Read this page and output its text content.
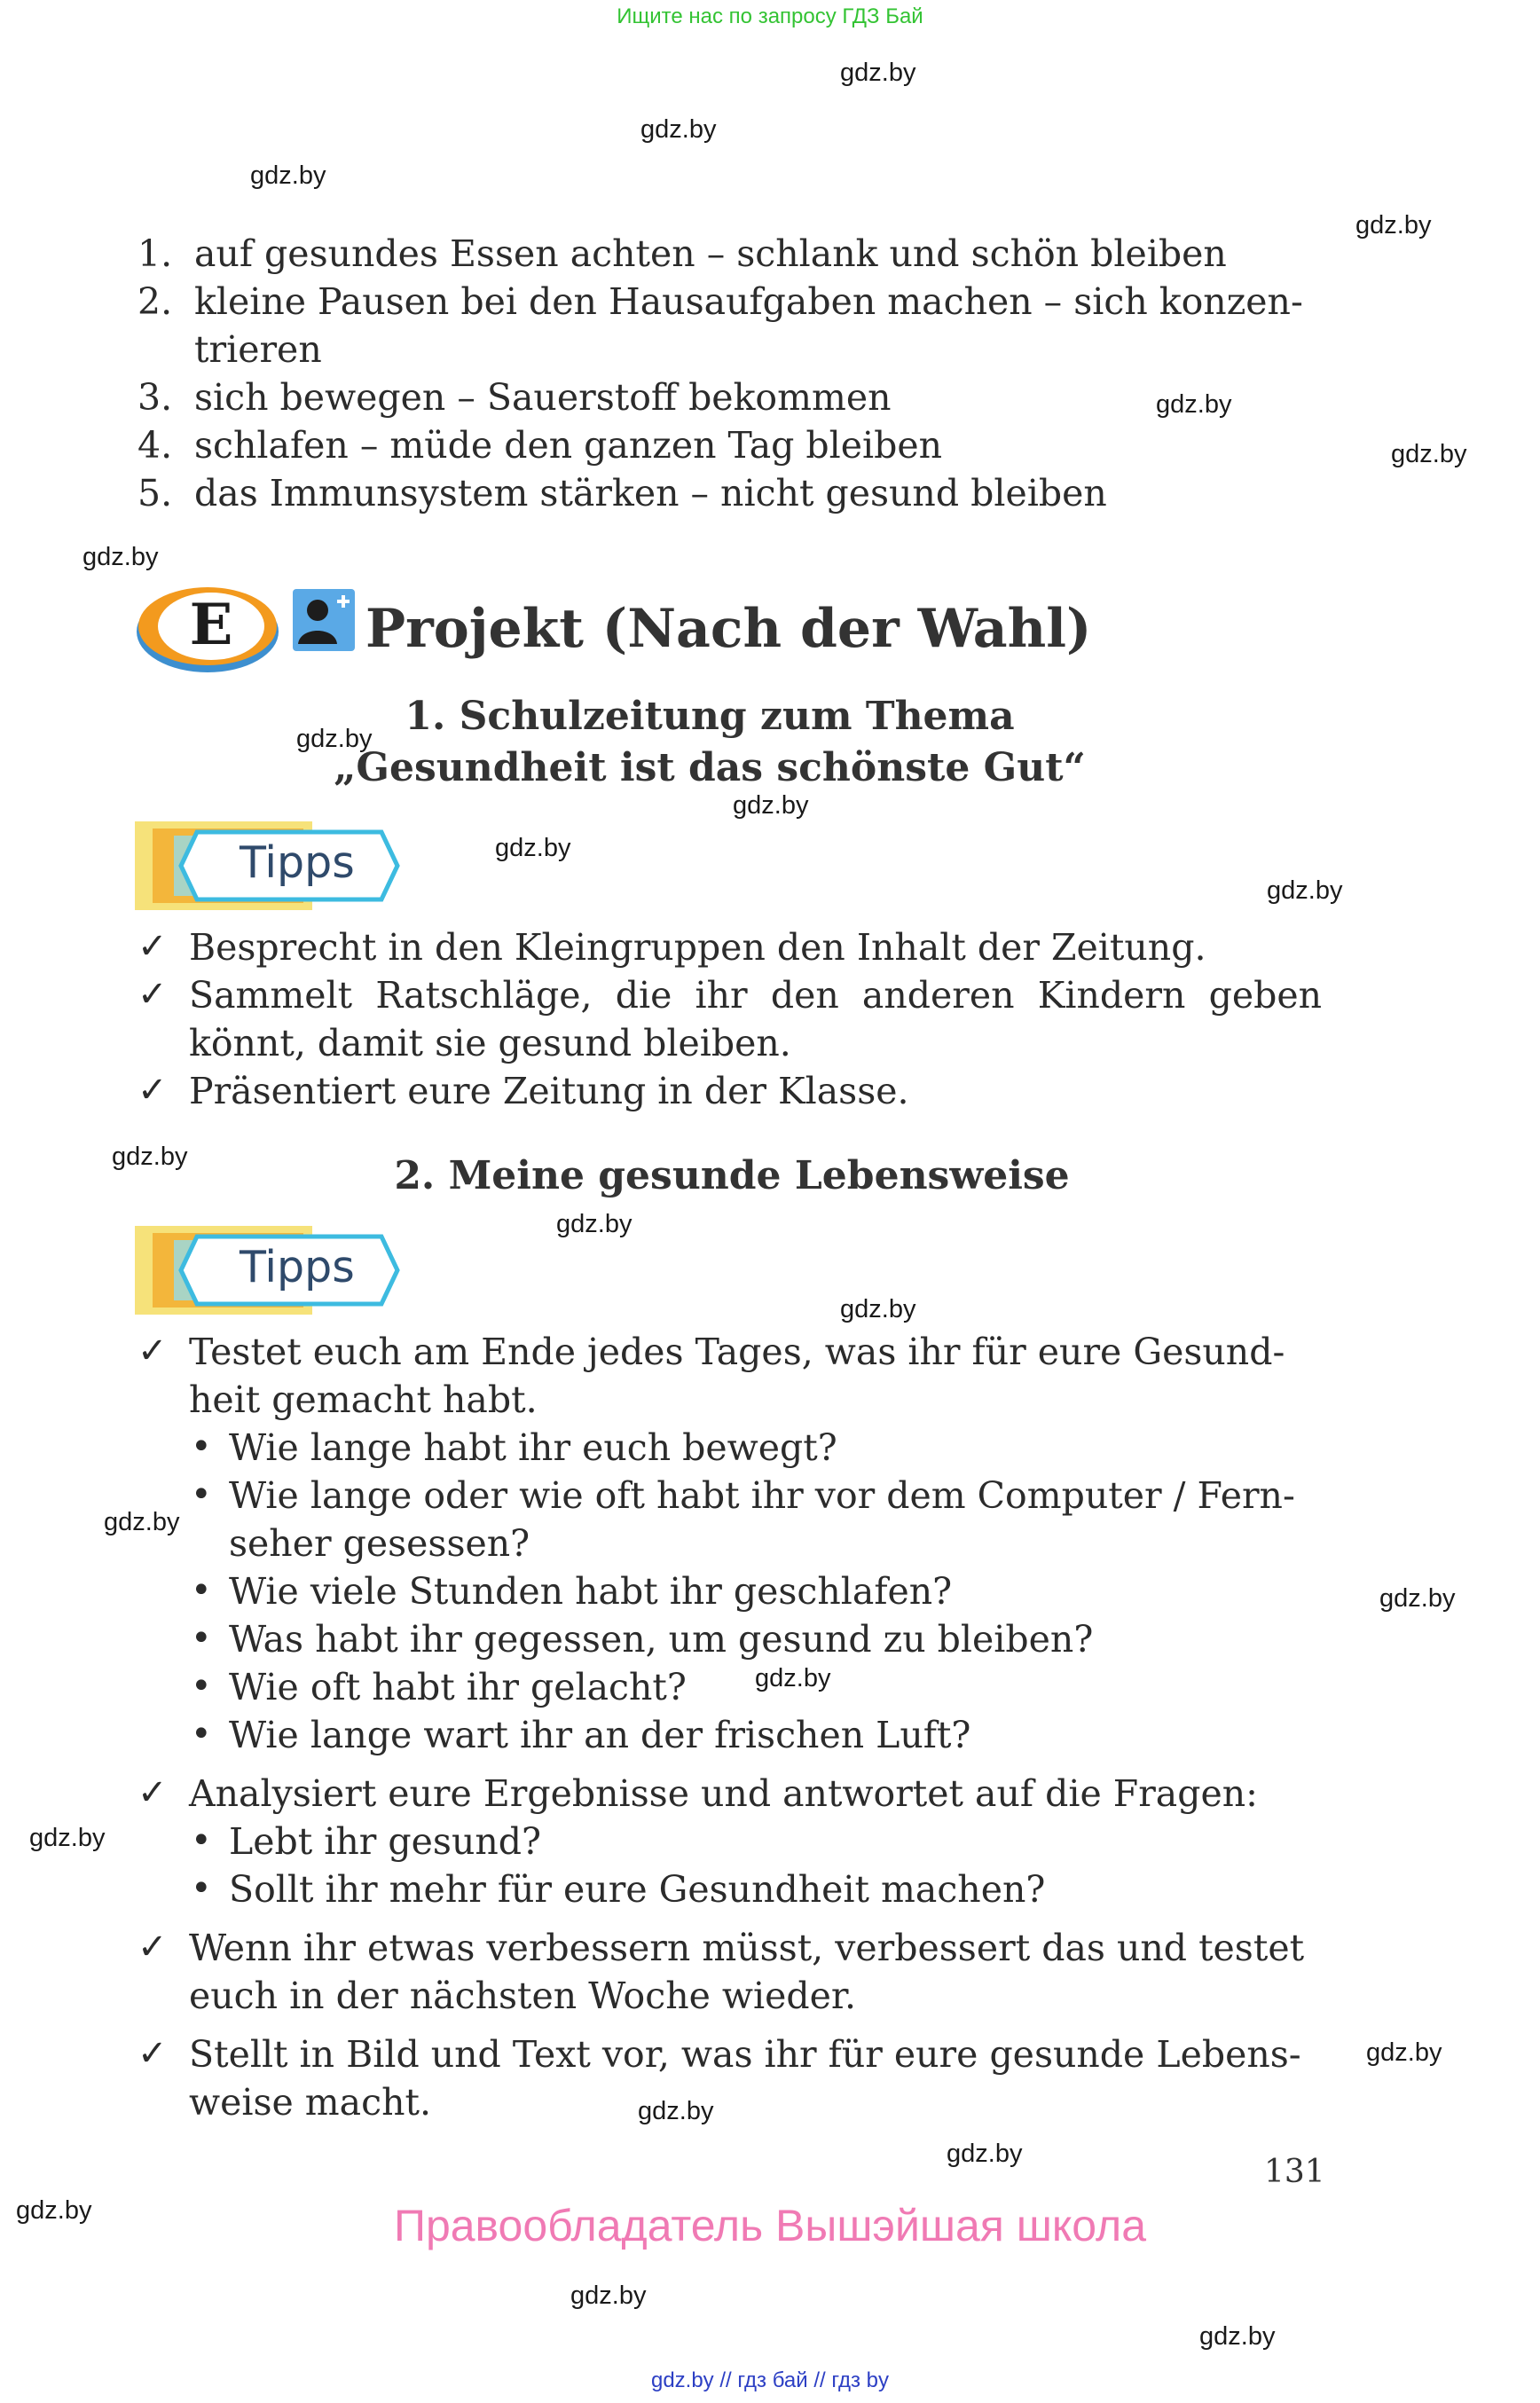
Ищите нас по запросу ГДЗ Бай
gdz.by
gdz.by
gdz.by
gdz.by
gdz.by
gdz.by
gdz.by
gdz.by
gdz.by
gdz.by
gdz.by
gdz.by
gdz.by
gdz.by
gdz.by
gdz.by
gdz.by
gdz.by
gdz.by
gdz.by
gdz.by
gdz.by
gdz.by
gdz.by
1. auf gesundes Essen achten – schlank und schön bleiben
2. kleine Pausen bei den Hausaufgaben machen – sich konzen-
trieren
3. sich bewegen – Sauerstoff bekommen
4. schlafen – müde den ganzen Tag bleiben
5. das Immunsystem stärken – nicht gesund bleiben
E Projekt (Nach der Wahl)
1. Schulzeitung zum Thema
„Gesundheit ist das schönste Gut“
Tipps
✓ Besprecht in den Kleingruppen den Inhalt der Zeitung.
✓ Sammelt Ratschläge, die ihr den anderen Kindern geben
könnt, damit sie gesund bleiben.
✓ Präsentiert eure Zeitung in der Klasse.
2. Meine gesunde Lebensweise
Tipps
✓ Testet euch am Ende jedes Tages, was ihr für eure Gesund-
heit gemacht habt.
• Wie lange habt ihr euch bewegt?
• Wie lange oder wie oft habt ihr vor dem Computer / Fern-
seher gesessen?
• Wie viele Stunden habt ihr geschlafen?
• Was habt ihr gegessen, um gesund zu bleiben?
• Wie oft habt ihr gelacht?
• Wie lange wart ihr an der frischen Luft?
✓ Analysiert eure Ergebnisse und antwortet auf die Fragen:
• Lebt ihr gesund?
• Sollt ihr mehr für eure Gesundheit machen?
✓ Wenn ihr etwas verbessern müsst, verbessert das und testet
euch in der nächsten Woche wieder.
✓ Stellt in Bild und Text vor, was ihr für eure gesunde Lebens-
weise macht.
131
Правообладатель Вышэйшая школа
gdz.by // гдз бай // гдз by
